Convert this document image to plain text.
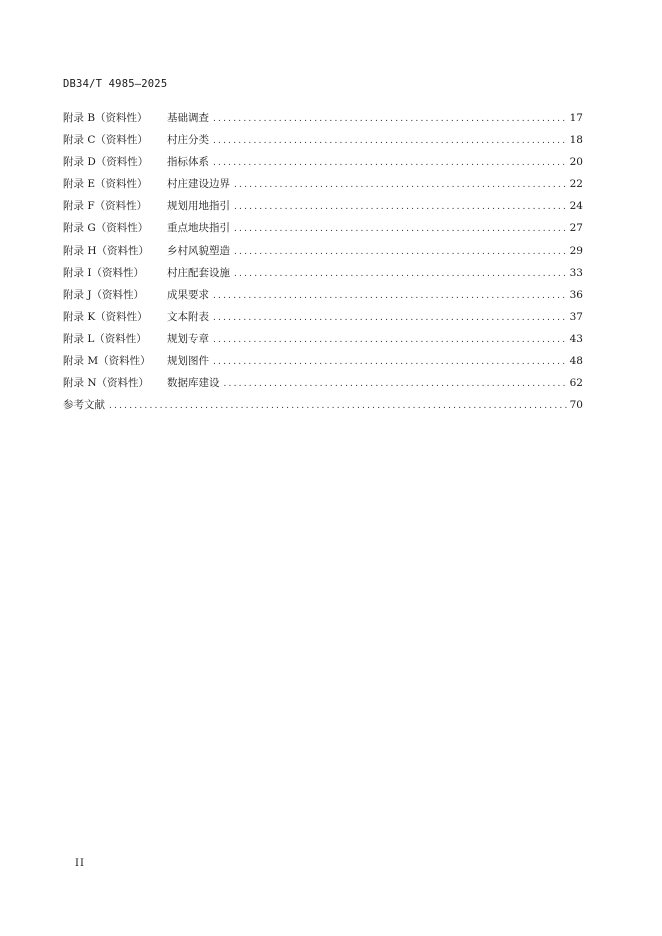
DB34/T 4985—2025
附录 B（资料性）	基础调查 .....	17
附录 C（资料性）	村庄分类 .....	18
附录 D（资料性）	指标体系 .....	20
附录 E（资料性）	村庄建设边界 .....	22
附录 F（资料性）	规划用地指引 .....	24
附录 G（资料性）	重点地块指引 .....	27
附录 H（资料性）	乡村风貌塑造 .....	29
附录 I（资料性）	村庄配套设施 .....	33
附录 J（资料性）	成果要求 .....	36
附录 K（资料性）	文本附表 .....	37
附录 L（资料性）	规划专章 .....	43
附录 M（资料性）	规划图件 .....	48
附录 N（资料性）	数据库建设 .....	62
参考文献 .....	70
II
